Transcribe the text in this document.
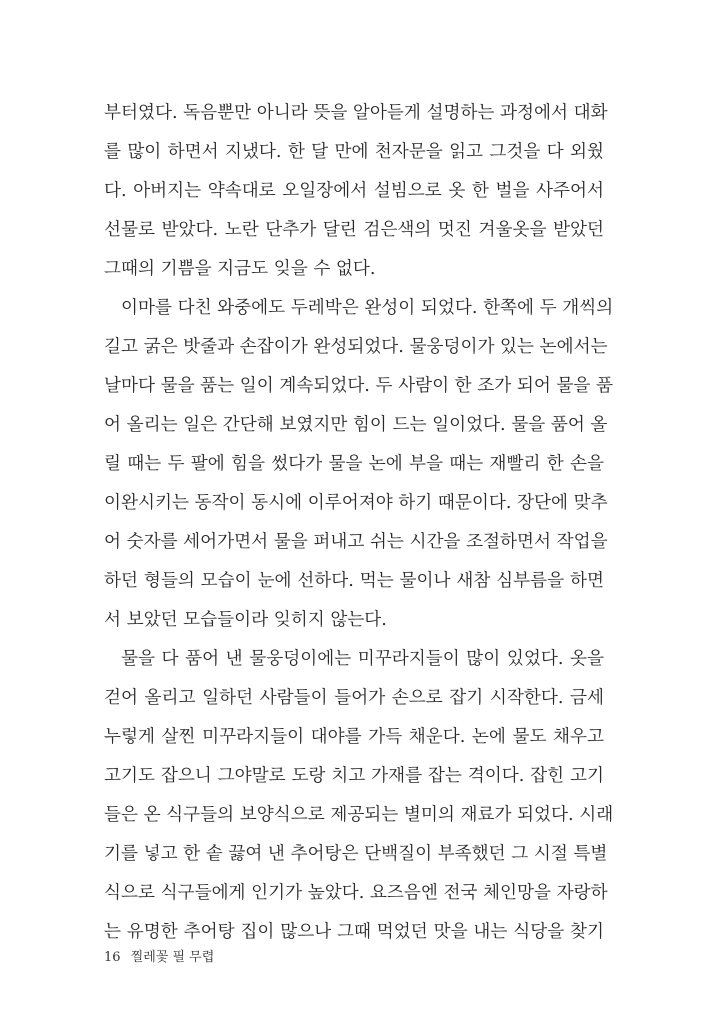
부터였다. 독음뿐만 아니라 뜻을 알아듣게 설명하는 과정에서 대화
를 많이 하면서 지냈다. 한 달 만에 천자문을 읽고 그것을 다 외웠
다. 아버지는 약속대로 오일장에서 설빔으로 옷 한 벌을 사주어서
선물로 받았다. 노란 단추가 달린 검은색의 멋진 겨울옷을 받았던
그때의 기쁨을 지금도 잊을 수 없다.
이마를 다친 와중에도 두레박은 완성이 되었다. 한쪽에 두 개씩의
길고 굵은 밧줄과 손잡이가 완성되었다. 물웅덩이가 있는 논에서는
날마다 물을 품는 일이 계속되었다. 두 사람이 한 조가 되어 물을 품
어 올리는 일은 간단해 보였지만 힘이 드는 일이었다. 물을 품어 올
릴 때는 두 팔에 힘을 썼다가 물을 논에 부을 때는 재빨리 한 손을
이완시키는 동작이 동시에 이루어져야 하기 때문이다. 장단에 맞추
어 숫자를 세어가면서 물을 퍼내고 쉬는 시간을 조절하면서 작업을
하던 형들의 모습이 눈에 선하다. 먹는 물이나 새참 심부름을 하면
서 보았던 모습들이라 잊히지 않는다.
물을 다 품어 낸 물웅덩이에는 미꾸라지들이 많이 있었다. 옷을
걷어 올리고 일하던 사람들이 들어가 손으로 잡기 시작한다. 금세
누렇게 살찐 미꾸라지들이 대야를 가득 채운다. 논에 물도 채우고
고기도 잡으니 그야말로 도랑 치고 가재를 잡는 격이다. 잡힌 고기
들은 온 식구들의 보양식으로 제공되는 별미의 재료가 되었다. 시래
기를 넣고 한 솥 끓여 낸 추어탕은 단백질이 부족했던 그 시절 특별
식으로 식구들에게 인기가 높았다. 요즈음엔 전국 체인망을 자랑하
는 유명한 추어탕 집이 많으나 그때 먹었던 맛을 내는 식당을 찾기
16 찔레꽃 필 무렵
